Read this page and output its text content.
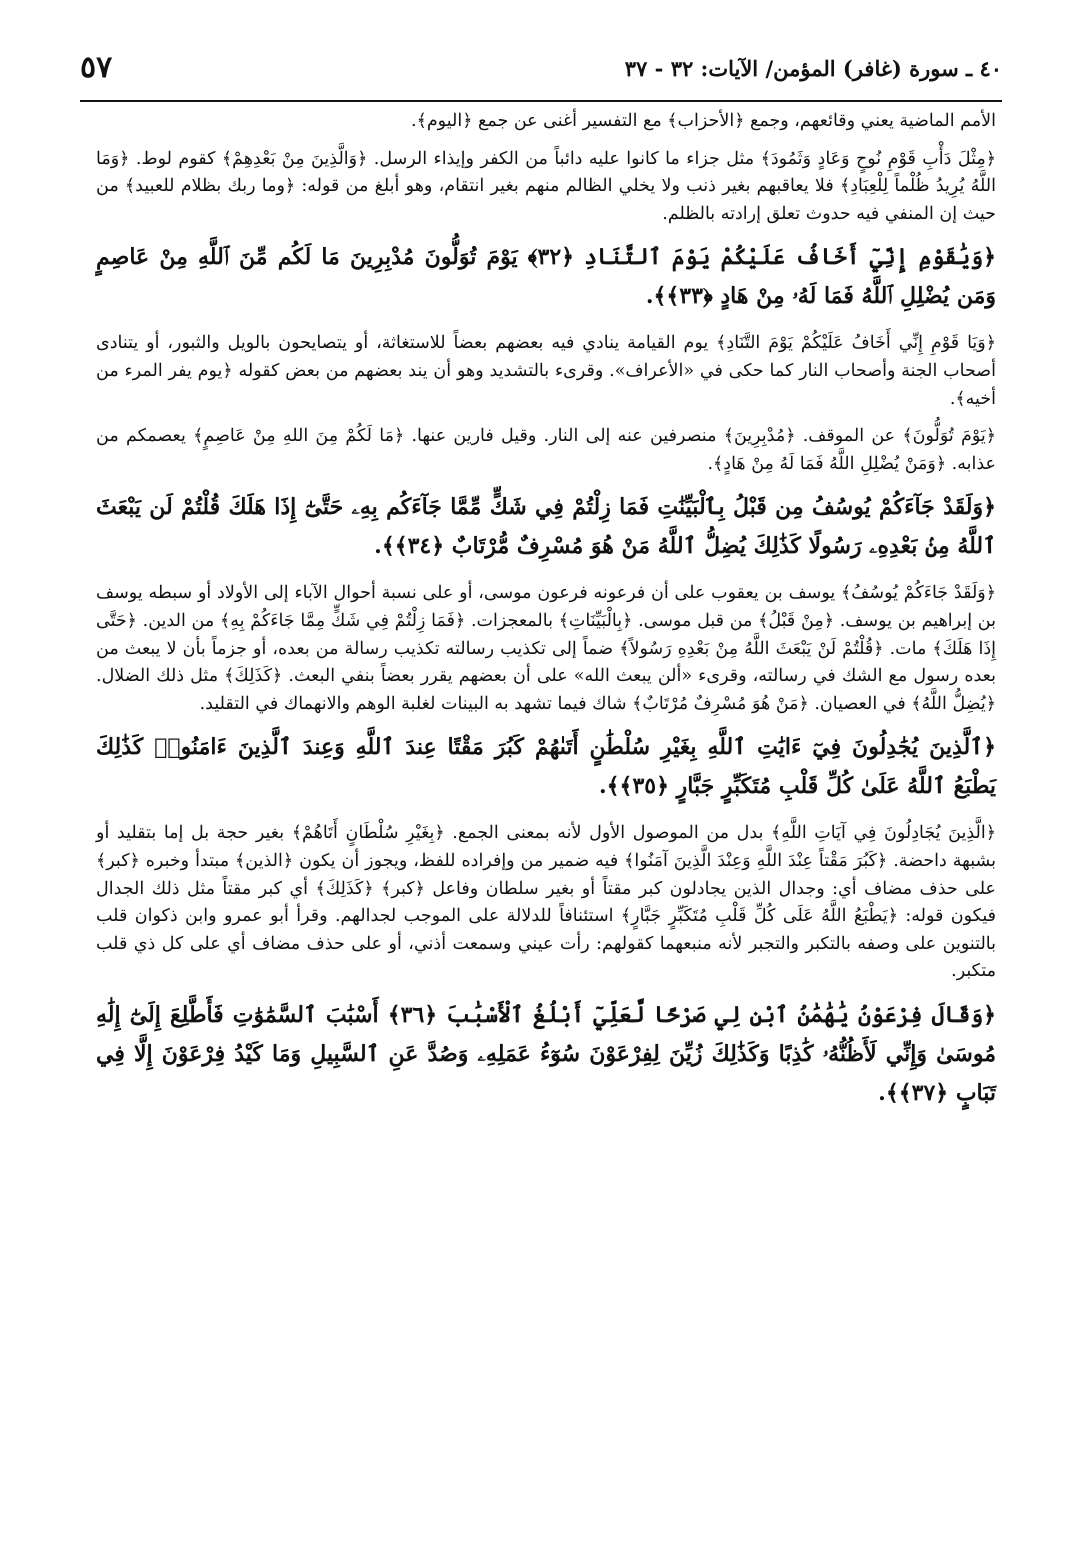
٤٠ ـ سورة (غافر) المؤمن/ الآيات: ٣٢ - ٣٧
٥٧

الأمم الماضية يعني وقائعهم، وجمع ﴿الأحزاب﴾ مع التفسير أغنى عن جمع ﴿اليوم﴾.

﴿مِثْلَ دَأْبِ قَوْمِ نُوحٍ وَعَادٍ وَثَمُودَ﴾ مثل جزاء ما كانوا عليه دائباً من الكفر وإيذاء الرسل. ﴿وَالَّذِينَ مِنْ بَعْدِهِمْ﴾ كقوم لوط. ﴿وَمَا اللَّهُ يُرِيدُ ظُلْماً لِلْعِبَادِ﴾ فلا يعاقبهم بغير ذنب ولا يخلي الظالم منهم بغير انتقام، وهو أبلغ من قوله: ﴿وما ربك بظلام للعبيد﴾ من حيث إن المنفي فيه حدوث تعلق إرادته بالظلم.

﴿وَيَٰقَوْمِ إِنِّيٓ أَخَافُ عَلَيْكُمْ يَوْمَ ٱلتَّنَادِ ﴿٣٢﴾ يَوْمَ تُوَلُّونَ مُدْبِرِينَ مَا لَكُم مِّنَ ٱللَّهِ مِنْ عَاصِمٍ وَمَن يُضْلِلِ ٱللَّهُ فَمَا لَهُۥ مِنْ هَادٍ ﴿٣٣﴾﴾.

﴿وَيَا قَوْمِ إِنِّي أَخَافُ عَلَيْكُمْ يَوْمَ التَّنَادِ﴾ يوم القيامة ينادي فيه بعضهم بعضاً للاستغاثة، أو يتصايحون بالويل والثبور، أو يتنادى أصحاب الجنة وأصحاب النار كما حكى في «الأعراف». وقرىء بالتشديد وهو أن يند بعضهم من بعض كقوله ﴿يوم يفر المرء من أخيه﴾.

﴿يَوْمَ تُوَلُّونَ﴾ عن الموقف. ﴿مُدْبِرِينَ﴾ منصرفين عنه إلى النار. وقيل فارين عنها. ﴿مَا لَكُمْ مِنَ اللهِ مِنْ عَاصِمٍ﴾ يعصمكم من عذابه. ﴿وَمَنْ يُضْلِلِ اللَّهُ فَمَا لَهُ مِنْ هَادٍ﴾.

﴿وَلَقَدْ جَآءَكُمْ يُوسُفُ مِن قَبْلُ بِٱلْبَيِّنَٰتِ فَمَا زِلْتُمْ فِي شَكٍّ مِّمَّا جَآءَكُم بِهِۦ حَتَّىٰٓ إِذَا هَلَكَ قُلْتُمْ لَن يَبْعَثَ ٱللَّهُ مِنۢ بَعْدِهِۦ رَسُولًا كَذَٰلِكَ يُضِلُّ ٱللَّهُ مَنْ هُوَ مُسْرِفٌ مُّرْتَابٌ ﴿٣٤﴾﴾.

﴿وَلَقَدْ جَاءَكُمْ يُوسُفُ﴾ يوسف بن يعقوب على أن فرعونه فرعون موسى، أو على نسبة أحوال الآباء إلى الأولاد أو سبطه يوسف بن إبراهيم بن يوسف. ﴿مِنْ قَبْلُ﴾ من قبل موسى. ﴿بِالْبَيِّنَاتِ﴾ بالمعجزات. ﴿فَمَا زِلْتُمْ فِي شَكٍّ مِمَّا جَاءَكُمْ بِهِ﴾ من الدين. ﴿حَتَّى إِذَا هَلَكَ﴾ مات. ﴿قُلْتُمْ لَنْ يَبْعَثَ اللَّهُ مِنْ بَعْدِهِ رَسُولاً﴾ ضماً إلى تكذيب رسالته تكذيب رسالة من بعده، أو جزماً بأن لا يبعث من بعده رسول مع الشك في رسالته، وقرىء «ألن يبعث الله» على أن بعضهم يقرر بعضاً بنفي البعث. ﴿كَذَلِكَ﴾ مثل ذلك الضلال. ﴿يُضِلُّ اللَّهُ﴾ في العصيان. ﴿مَنْ هُوَ مُسْرِفٌ مُرْتَابٌ﴾ شاك فيما تشهد به البينات لغلبة الوهم والانهماك في التقليد.

﴿ٱلَّذِينَ يُجَٰدِلُونَ فِيٓ ءَايَٰتِ ٱللَّهِ بِغَيْرِ سُلْطَٰنٍ أَتَىٰهُمْ كَبُرَ مَقْتًا عِندَ ٱللَّهِ وَعِندَ ٱلَّذِينَ ءَامَنُوا۟ كَذَٰلِكَ يَطْبَعُ ٱللَّهُ عَلَىٰ كُلِّ قَلْبِ مُتَكَبِّرٍ جَبَّارٍ ﴿٣٥﴾﴾.

﴿الَّذِينَ يُجَادِلُونَ فِي آيَاتِ اللَّهِ﴾ بدل من الموصول الأول لأنه بمعنى الجمع. ﴿بِغَيْرِ سُلْطَانٍ أَتَاهُمْ﴾ بغير حجة بل إما بتقليد أو بشبهة داحضة. ﴿كَبُرَ مَقْتاً عِنْدَ اللَّهِ وَعِنْدَ الَّذِينَ آمَنُوا﴾ فيه ضمير من وإفراده للفظ، ويجوز أن يكون ﴿الذين﴾ مبتدأ وخبره ﴿كبر﴾ على حذف مضاف أي: وجدال الذين يجادلون كبر مقتاً أو بغير سلطان وفاعل ﴿كبر﴾ ﴿كَذَلِكَ﴾ أي كبر مقتاً مثل ذلك الجدال فيكون قوله: ﴿يَطْبَعُ اللَّهُ عَلَى كُلِّ قَلْبِ مُتَكَبِّرٍ جَبَّارٍ﴾ استئنافاً للدلالة على الموجب لجدالهم. وقرأ أبو عمرو وابن ذكوان قلب بالتنوين على وصفه بالتكبر والتجبر لأنه منبعهما كقولهم: رأت عيني وسمعت أذني، أو على حذف مضاف أي على كل ذي قلب متكبر.

﴿وَقَالَ فِرْعَوْنُ يَٰهَٰمَٰنُ ٱبْنِ لِي صَرْحًا لَّعَلِّيٓ أَبْلُغُ ٱلْأَسْبَٰبَ ﴿٣٦﴾ أَسْبَٰبَ ٱلسَّمَٰوَٰتِ فَأَطَّلِعَ إِلَىٰٓ إِلَٰهِ مُوسَىٰ وَإِنِّي لَأَظُنُّهُۥ كَٰذِبًا وَكَذَٰلِكَ زُيِّنَ لِفِرْعَوْنَ سُوٓءُ عَمَلِهِۦ وَصُدَّ عَنِ ٱلسَّبِيلِ وَمَا كَيْدُ فِرْعَوْنَ إِلَّا فِي تَبَابٍ ﴿٣٧﴾﴾.
